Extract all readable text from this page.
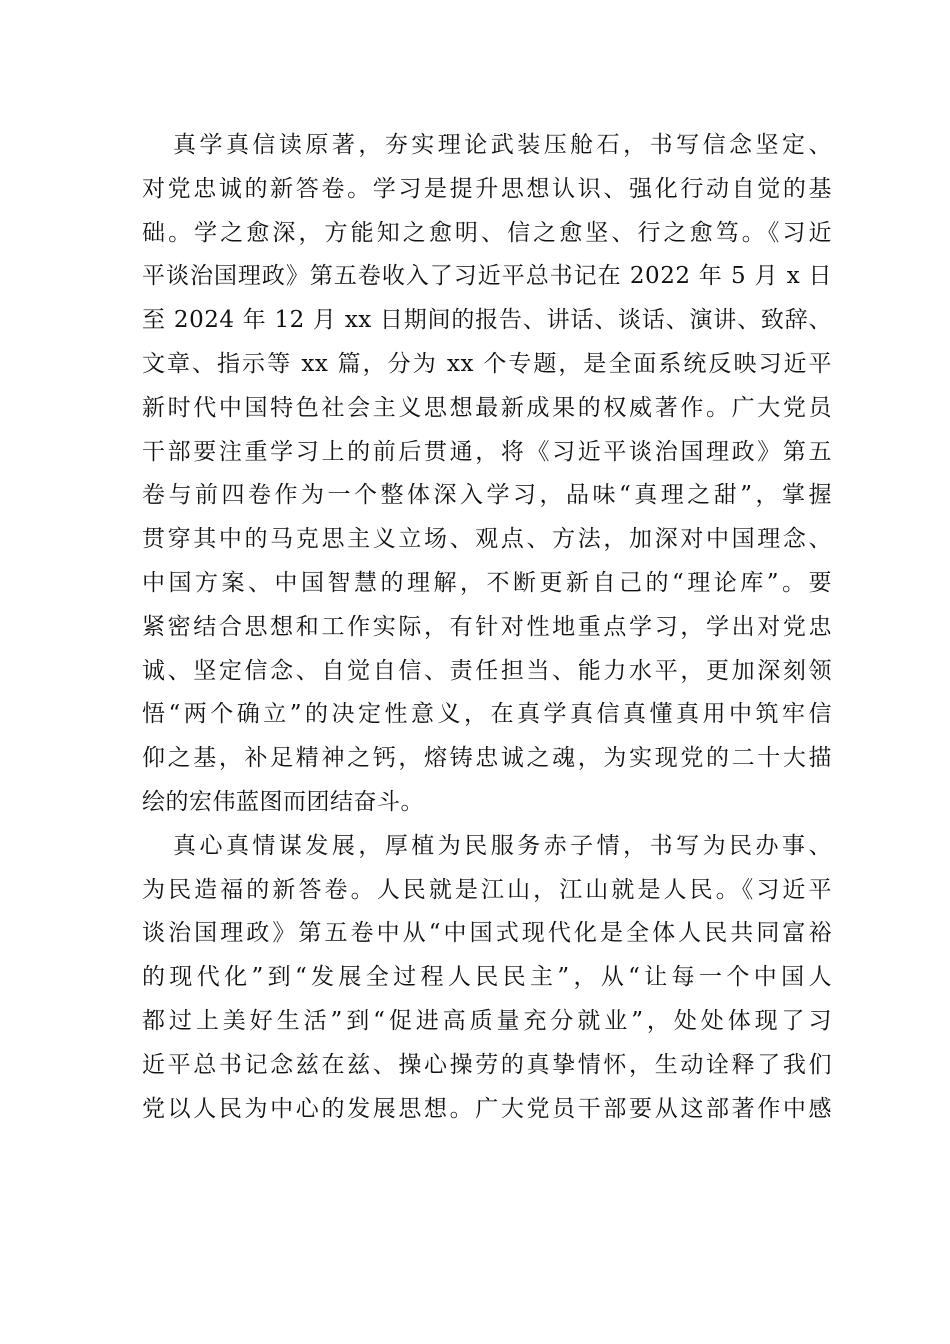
真学真信读原著，夯实理论武装压舱石，书写信念坚定、
对党忠诚的新答卷。学习是提升思想认识、强化行动自觉的基
础。学之愈深，方能知之愈明、信之愈坚、行之愈笃。《习近
平谈治国理政》第五卷收入了习近平总书记在 2022 年 5 月 x 日
至 2024 年 12 月 xx 日期间的报告、讲话、谈话、演讲、致辞、
文章、指示等 xx 篇，分为 xx 个专题，是全面系统反映习近平
新时代中国特色社会主义思想最新成果的权威著作。广大党员
干部要注重学习上的前后贯通，将《习近平谈治国理政》第五
卷与前四卷作为一个整体深入学习，品味“真理之甜”，掌握
贯穿其中的马克思主义立场、观点、方法，加深对中国理念、
中国方案、中国智慧的理解，不断更新自己的“理论库”。要
紧密结合思想和工作实际，有针对性地重点学习，学出对党忠
诚、坚定信念、自觉自信、责任担当、能力水平，更加深刻领
悟“两个确立”的决定性意义，在真学真信真懂真用中筑牢信
仰之基，补足精神之钙，熔铸忠诚之魂，为实现党的二十大描
绘的宏伟蓝图而团结奋斗。
真心真情谋发展，厚植为民服务赤子情，书写为民办事、
为民造福的新答卷。人民就是江山，江山就是人民。《习近平
谈治国理政》第五卷中从“中国式现代化是全体人民共同富裕
的现代化”到“发展全过程人民民主”，从“让每一个中国人
都过上美好生活”到“促进高质量充分就业”，处处体现了习
近平总书记念兹在兹、操心操劳的真挚情怀，生动诠释了我们
党以人民为中心的发展思想。广大党员干部要从这部著作中感
